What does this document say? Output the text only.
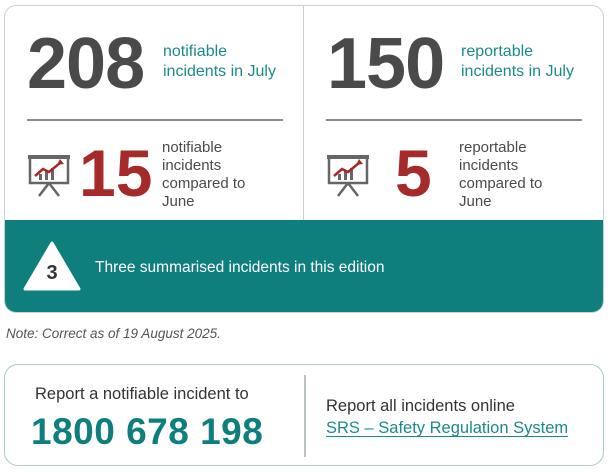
208 notifiable
incidents in July
15 notifiable
incidents
compared to
June
150 reportable
incidents in July
5 reportable
incidents
compared to
June
3	Three summarised incidents in this edition
Note: Correct as of 19 August 2025.
Report a notifiable incident to
1800 678 198
Report all incidents online
SRS – Safety Regulation System
